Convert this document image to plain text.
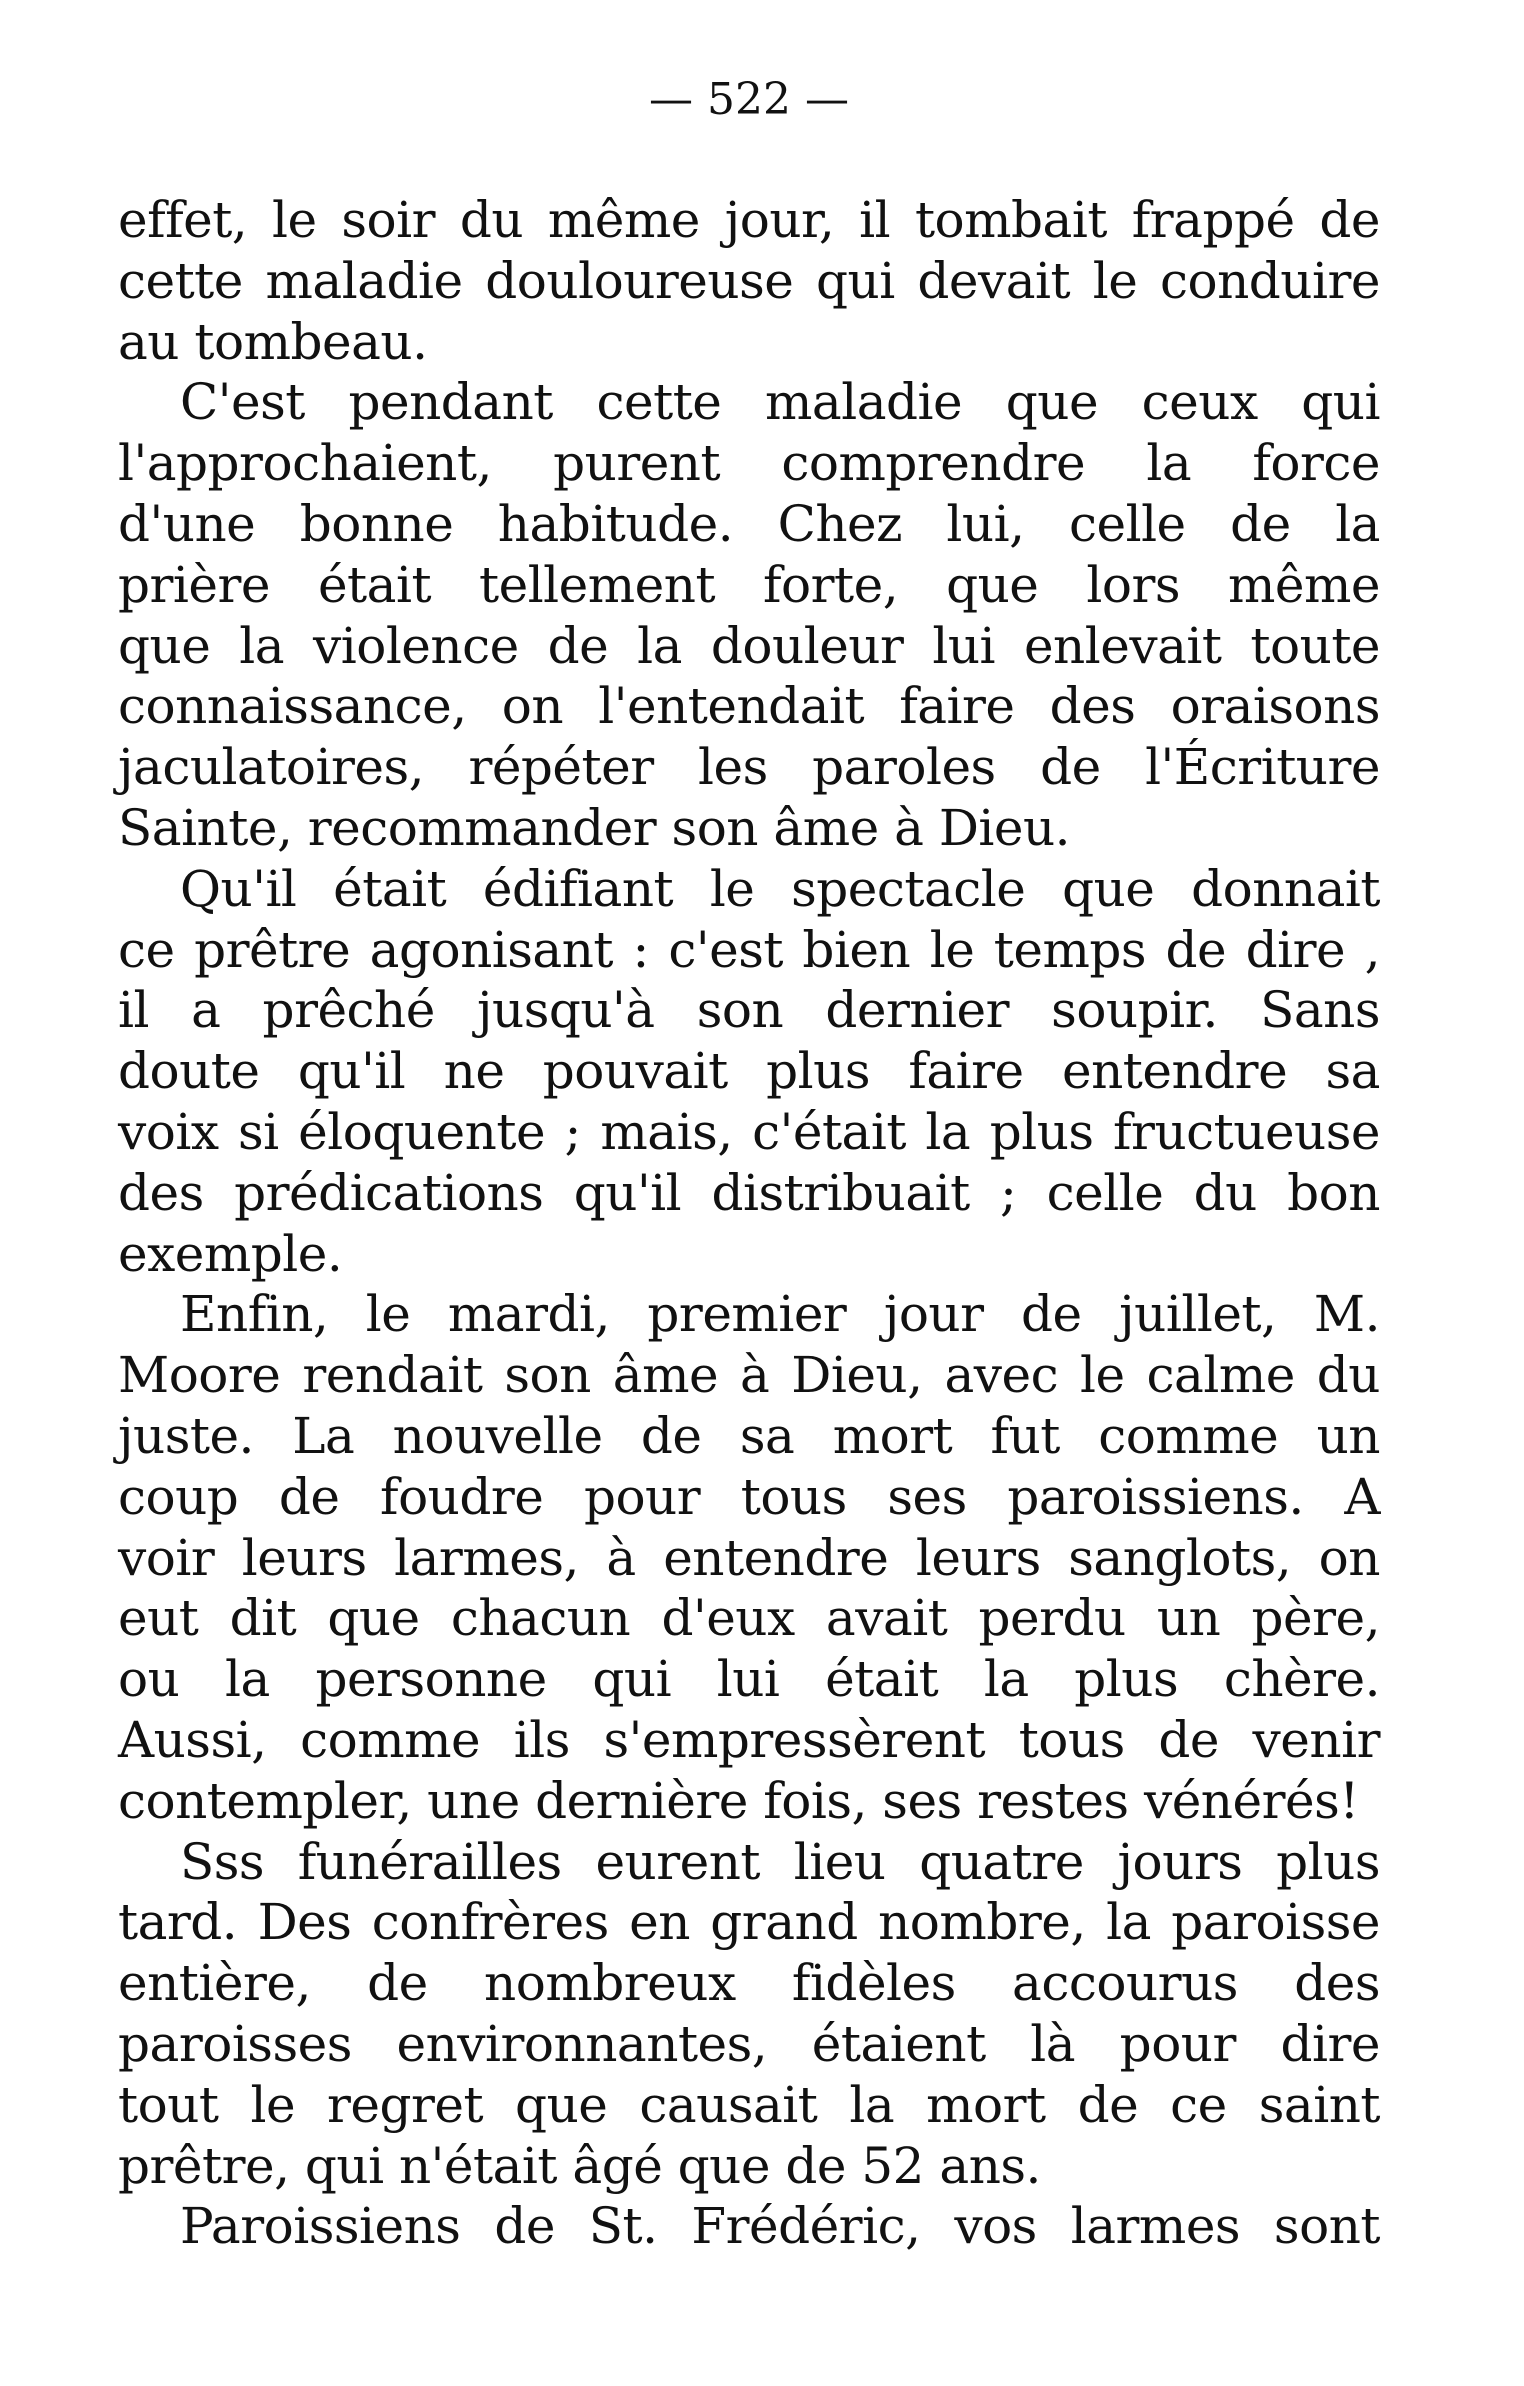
— 522 —
effet, le soir du même jour, il tombait frappé de
cette maladie douloureuse qui devait le conduire
au tombeau.
C'est pendant cette maladie que ceux qui
l'approchaient, purent comprendre la force
d'une bonne habitude. Chez lui, celle de la
prière était tellement forte, que lors même
que la violence de la douleur lui enlevait toute
connaissance, on l'entendait faire des oraisons
jaculatoires, répéter les paroles de l'Écriture
Sainte, recommander son âme à Dieu.
Qu'il était édifiant le spectacle que donnait
ce prêtre agonisant : c'est bien le temps de dire ,
il a prêché jusqu'à son dernier soupir. Sans
doute qu'il ne pouvait plus faire entendre sa
voix si éloquente ; mais, c'était la plus fructueuse
des prédications qu'il distribuait ; celle du bon
exemple.
Enfin, le mardi, premier jour de juillet, M.
Moore rendait son âme à Dieu, avec le calme du
juste. La nouvelle de sa mort fut comme un
coup de foudre pour tous ses paroissiens. A
voir leurs larmes, à entendre leurs sanglots, on
eut dit que chacun d'eux avait perdu un père,
ou la personne qui lui était la plus chère.
Aussi, comme ils s'empressèrent tous de venir
contempler, une dernière fois, ses restes vénérés!
Sss funérailles eurent lieu quatre jours plus
tard. Des confrères en grand nombre, la paroisse
entière, de nombreux fidèles accourus des
paroisses environnantes, étaient là pour dire
tout le regret que causait la mort de ce saint
prêtre, qui n'était âgé que de 52 ans.
Paroissiens de St. Frédéric, vos larmes sont
